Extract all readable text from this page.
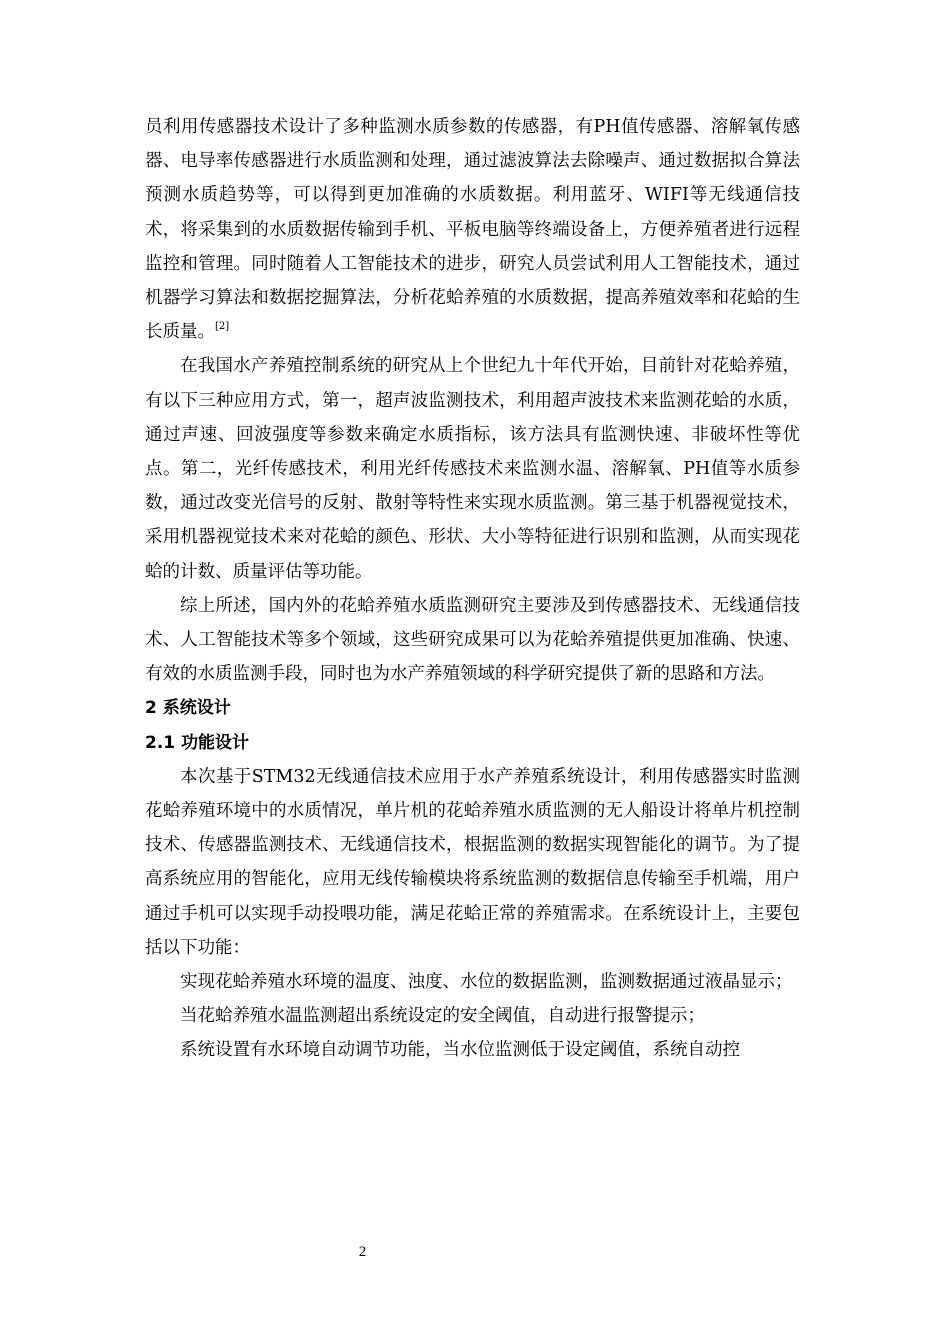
员利用传感器技术设计了多种监测水质参数的传感器，有PH值传感器、溶解氧传感器、电导率传感器进行水质监测和处理，通过滤波算法去除噪声、通过数据拟合算法预测水质趋势等，可以得到更加准确的水质数据。利用蓝牙、WIFI等无线通信技术，将采集到的水质数据传输到手机、平板电脑等终端设备上，方便养殖者进行远程监控和管理。同时随着人工智能技术的进步，研究人员尝试利用人工智能技术，通过机器学习算法和数据挖掘算法，分析花蛤养殖的水质数据，提高养殖效率和花蛤的生长质量。[2]

在我国水产养殖控制系统的研究从上个世纪九十年代开始，目前针对花蛤养殖，有以下三种应用方式，第一，超声波监测技术，利用超声波技术来监测花蛤的水质，通过声速、回波强度等参数来确定水质指标，该方法具有监测快速、非破坏性等优点。第二，光纤传感技术，利用光纤传感技术来监测水温、溶解氧、PH值等水质参数，通过改变光信号的反射、散射等特性来实现水质监测。第三基于机器视觉技术，采用机器视觉技术来对花蛤的颜色、形状、大小等特征进行识别和监测，从而实现花蛤的计数、质量评估等功能。

综上所述，国内外的花蛤养殖水质监测研究主要涉及到传感器技术、无线通信技术、人工智能技术等多个领域，这些研究成果可以为花蛤养殖提供更加准确、快速、有效的水质监测手段，同时也为水产养殖领域的科学研究提供了新的思路和方法。

2 系统设计
2.1 功能设计

本次基于STM32无线通信技术应用于水产养殖系统设计，利用传感器实时监测花蛤养殖环境中的水质情况，单片机的花蛤养殖水质监测的无人船设计将单片机控制技术、传感器监测技术、无线通信技术，根据监测的数据实现智能化的调节。为了提高系统应用的智能化，应用无线传输模块将系统监测的数据信息传输至手机端，用户通过手机可以实现手动投喂功能，满足花蛤正常的养殖需求。在系统设计上，主要包括以下功能：

实现花蛤养殖水环境的温度、浊度、水位的数据监测，监测数据通过液晶显示；

当花蛤养殖水温监测超出系统设定的安全阈值，自动进行报警提示；

系统设置有水环境自动调节功能，当水位监测低于设定阈值，系统自动控

2
